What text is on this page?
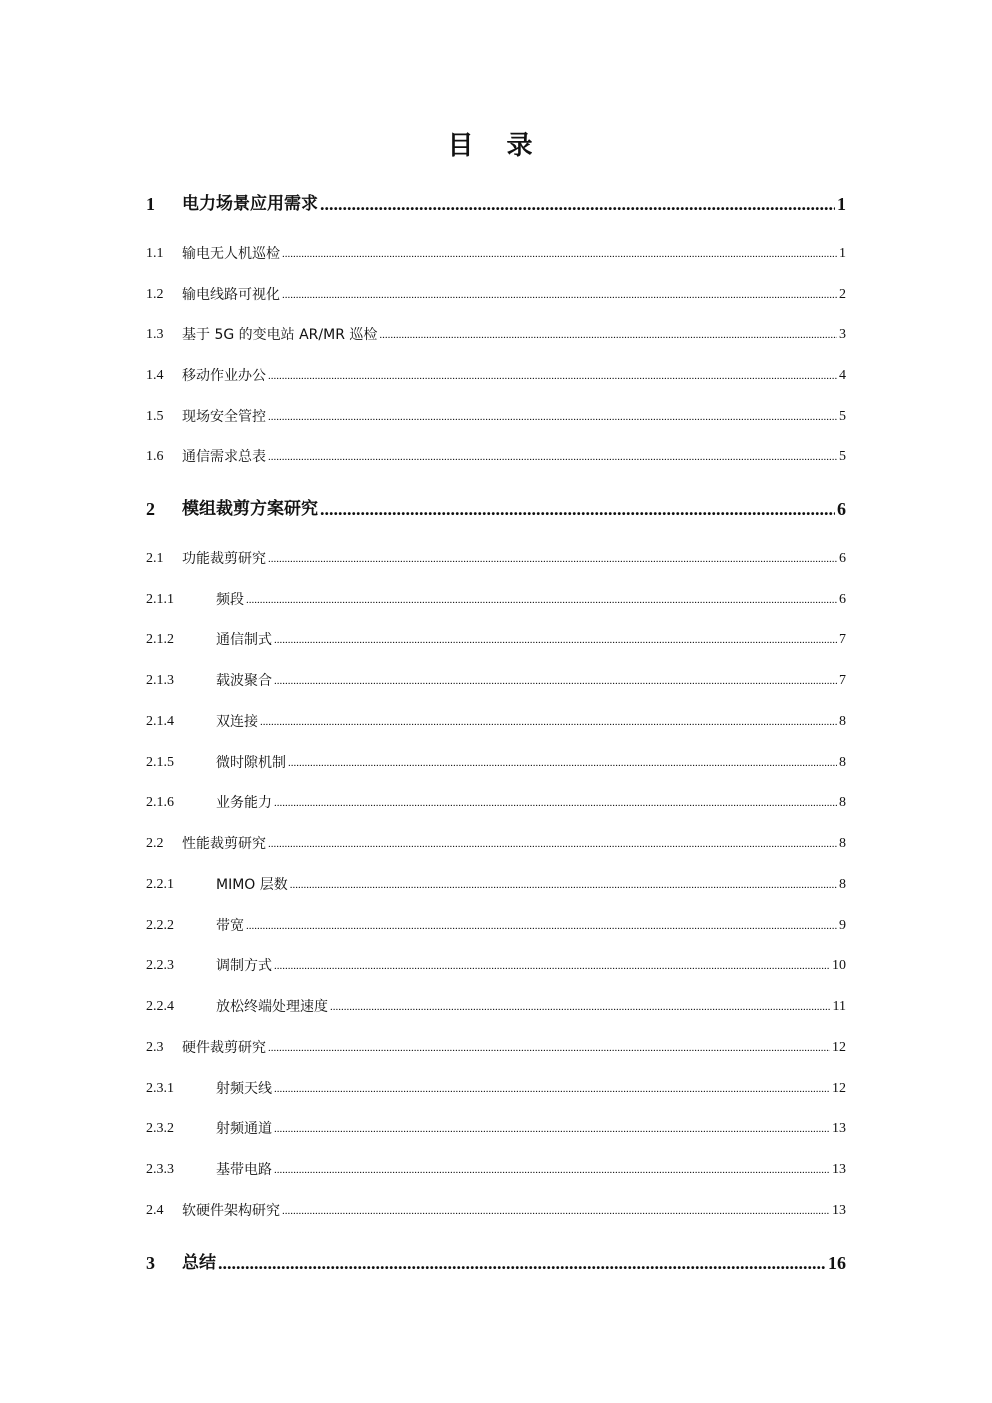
目 录
1	电力场景应用需求 .....	1
1.1	输电无人机巡检 .....	1
1.2	输电线路可视化 .....	2
1.3	基于 5G 的变电站 AR/MR 巡检 .....	3
1.4	移动作业办公 .....	4
1.5	现场安全管控 .....	5
1.6	通信需求总表 .....	5
2	模组裁剪方案研究 .....	6
2.1	功能裁剪研究 .....	6
2.1.1	频段 .....	6
2.1.2	通信制式 .....	7
2.1.3	载波聚合 .....	7
2.1.4	双连接 .....	8
2.1.5	微时隙机制 .....	8
2.1.6	业务能力 .....	8
2.2	性能裁剪研究 .....	8
2.2.1	MIMO 层数 .....	8
2.2.2	带宽 .....	9
2.2.3	调制方式 .....	10
2.2.4	放松终端处理速度 .....	11
2.3	硬件裁剪研究 .....	12
2.3.1	射频天线 .....	12
2.3.2	射频通道 .....	13
2.3.3	基带电路 .....	13
2.4	软硬件架构研究 .....	13
3	总结 .....	16
